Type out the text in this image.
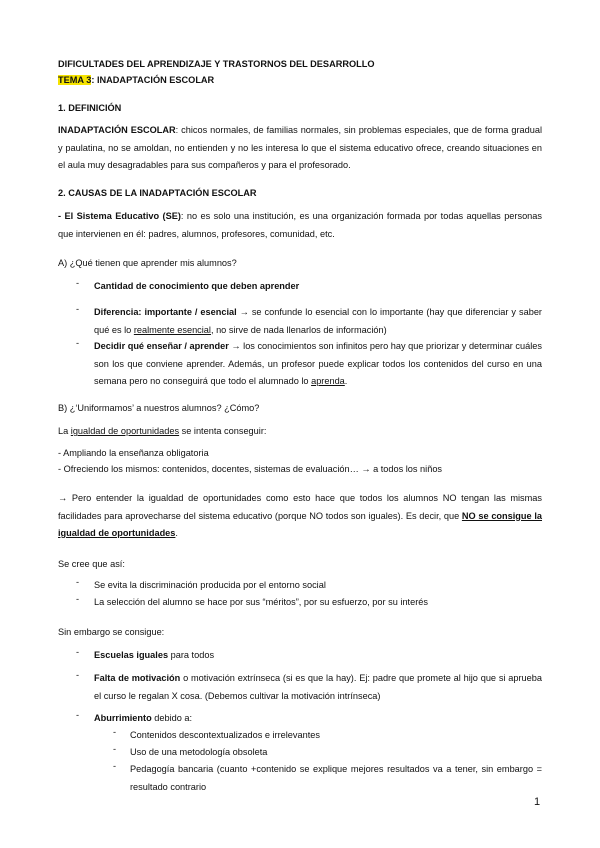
DIFICULTADES DEL APRENDIZAJE Y TRASTORNOS DEL DESARROLLO

TEMA 3: INADAPTACIÓN ESCOLAR

1. DEFINICIÓN

INADAPTACIÓN ESCOLAR: chicos normales, de familias normales, sin problemas especiales, que de forma gradual y paulatina, no se amoldan, no entienden y no les interesa lo que el sistema educativo ofrece, creando situaciones en el aula muy desagradables para sus compañeros y para el profesorado.

2. CAUSAS DE LA INADAPTACIÓN ESCOLAR

- El Sistema Educativo (SE): no es solo una institución, es una organización formada por todas aquellas personas que intervienen en él: padres, alumnos, profesores, comunidad, etc.

A) ¿Qué tienen que aprender mis alumnos?

- Cantidad de conocimiento que deben aprender
- Diferencia: importante / esencial → se confunde lo esencial con lo importante (hay que diferenciar y saber qué es lo realmente esencial, no sirve de nada llenarlos de información)
- Decidir qué enseñar / aprender → los conocimientos son infinitos pero hay que priorizar y determinar cuáles son los que conviene aprender. Además, un profesor puede explicar todos los contenidos del curso en una semana pero no conseguirá que todo el alumnado lo aprenda.

B) ¿‘Uniformamos’ a nuestros alumnos? ¿Cómo?

La igualdad de oportunidades se intenta conseguir:

- Ampliando la enseñanza obligatoria

- Ofreciendo los mismos: contenidos, docentes, sistemas de evaluación… → a todos los niños

→ Pero entender la igualdad de oportunidades como esto hace que todos los alumnos NO tengan las mismas facilidades para aprovecharse del sistema educativo (porque NO todos son iguales). Es decir, que NO se consigue la igualdad de oportunidades.

Se cree que así:

- Se evita la discriminación producida por el entorno social
- La selección del alumno se hace por sus “méritos”, por su esfuerzo, por su interés

Sin embargo se consigue:

- Escuelas iguales para todos
- Falta de motivación o motivación extrínseca (si es que la hay). Ej: padre que promete al hijo que si aprueba el curso le regalan X cosa. (Debemos cultivar la motivación intrínseca)
- Aburrimiento debido a:
- Contenidos descontextualizados e irrelevantes
- Uso de una metodología obsoleta
- Pedagogía bancaria (cuanto +contenido se explique mejores resultados va a tener, sin embargo = resultado contrario
1
